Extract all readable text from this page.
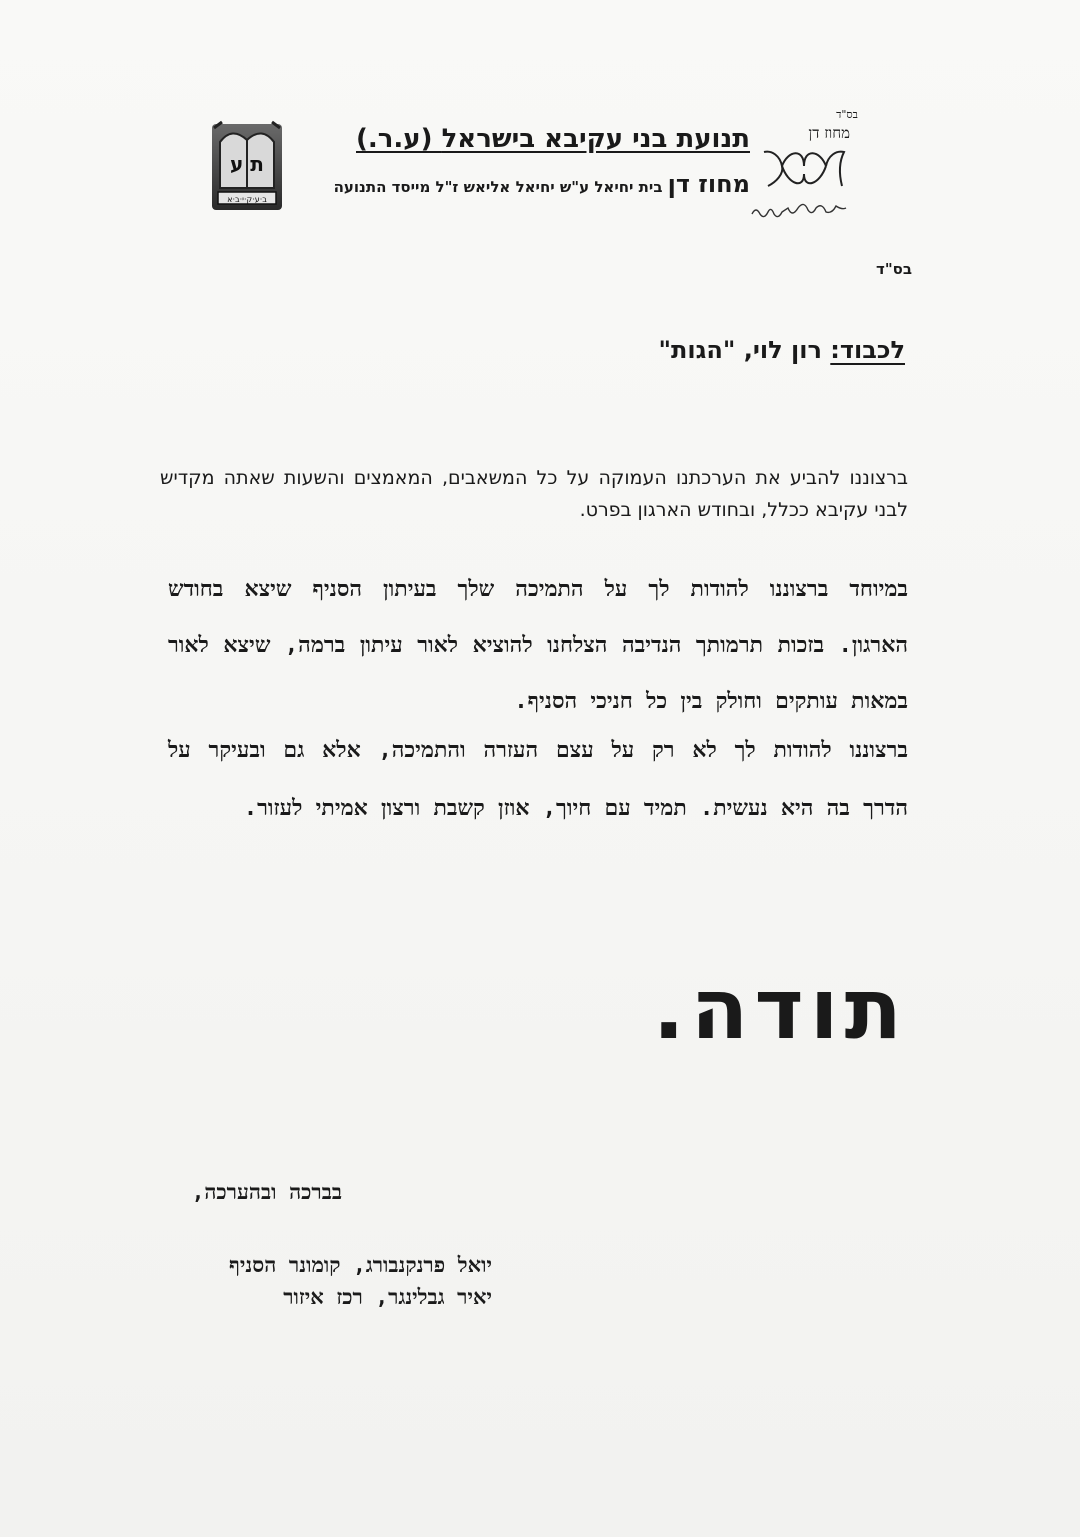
ב·ע·ק·י·ב·א
ת ע
תנועת בני עקיבא בישראל (ע.ר.)
מחוז דן בית יחיאל ע"ש יחיאל אליאש ז"ל מייסד התנועה
בס"ד
מחוז דן
בס"ד
לכבוד: רון לוי, "הגות"
ברצוננו להביע את הערכתנו העמוקה על כל המשאבים, המאמצים והשעות שאתה מקדיש לבני עקיבא ככלל, ובחודש הארגון בפרט.
במיוחד ברצוננו להודות לך על התמיכה שלך בעיתון הסניף שיצא בחודש הארגון. בזכות תרמותך הנדיבה הצלחנו להוציא לאור עיתון ברמה, שיצא לאור במאות עותקים וחולק בין כל חניכי הסניף.
ברצוננו להודות לך לא רק על עצם העזרה והתמיכה, אלא גם ובעיקר על הדרך בה היא נעשית. תמיד עם חיוך, אוזן קשבת ורצון אמיתי לעזור.
תודה.
בברכה ובהערכה,
יואל פרנקנבורג, קומונר הסניף
יאיר גבלינגר, רכז איזור
